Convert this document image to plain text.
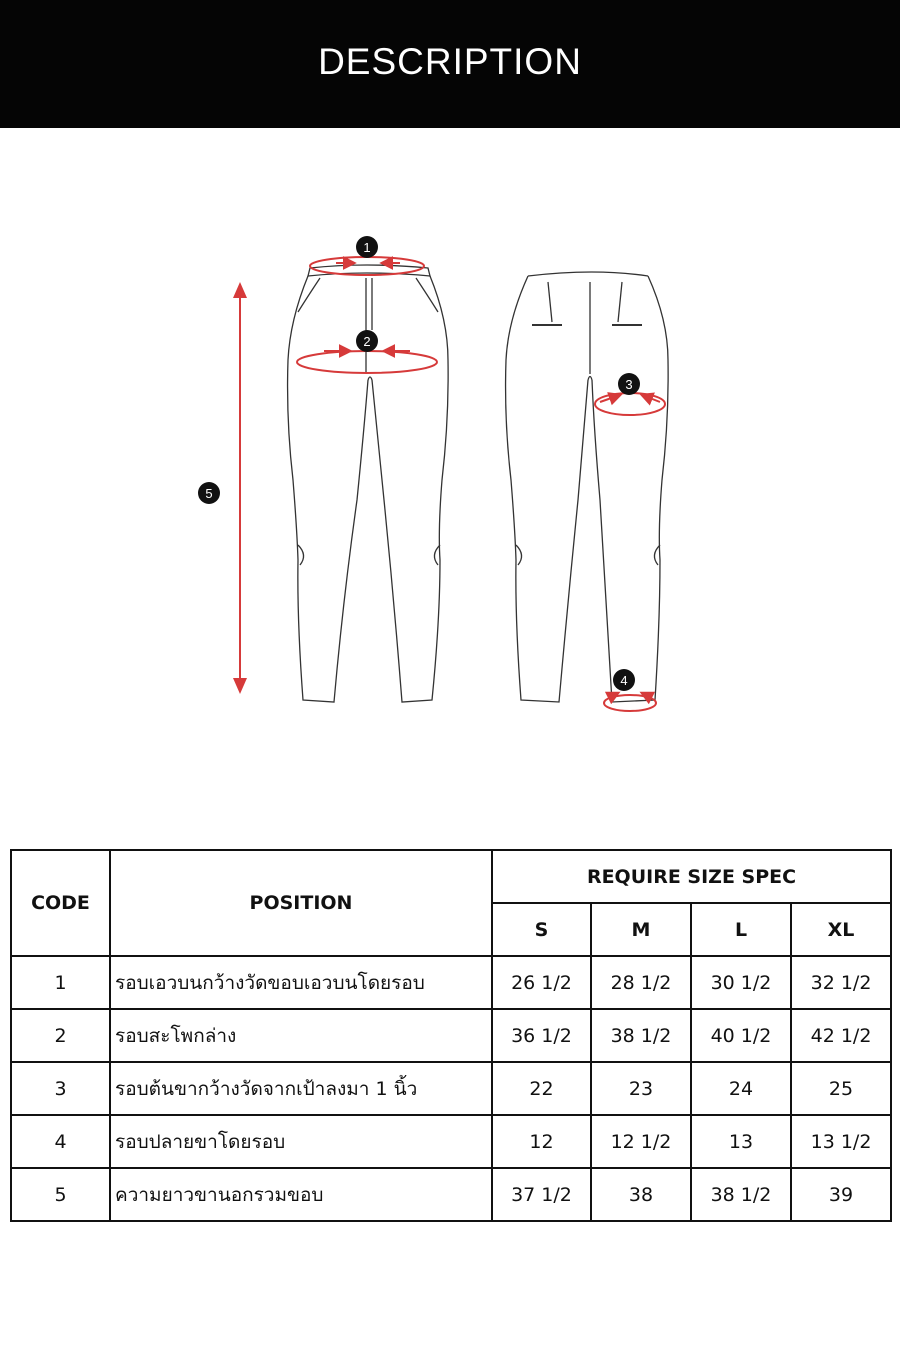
DESCRIPTION
1
2
3
4
5
CODE	POSITION	REQUIRE SIZE SPEC			
		S	M	L	XL
1	รอบเอวบนกว้างวัดขอบเอวบนโดยรอบ	26 1/2	28 1/2	30 1/2	32 1/2
2	รอบสะโพกล่าง	36 1/2	38 1/2	40 1/2	42 1/2
3	รอบต้นขากว้างวัดจากเป้าลงมา 1 นิ้ว	22	23	24	25
4	รอบปลายขาโดยรอบ	12	12 1/2	13	13 1/2
5	ความยาวขานอกรวมขอบ	37 1/2	38	38 1/2	39
